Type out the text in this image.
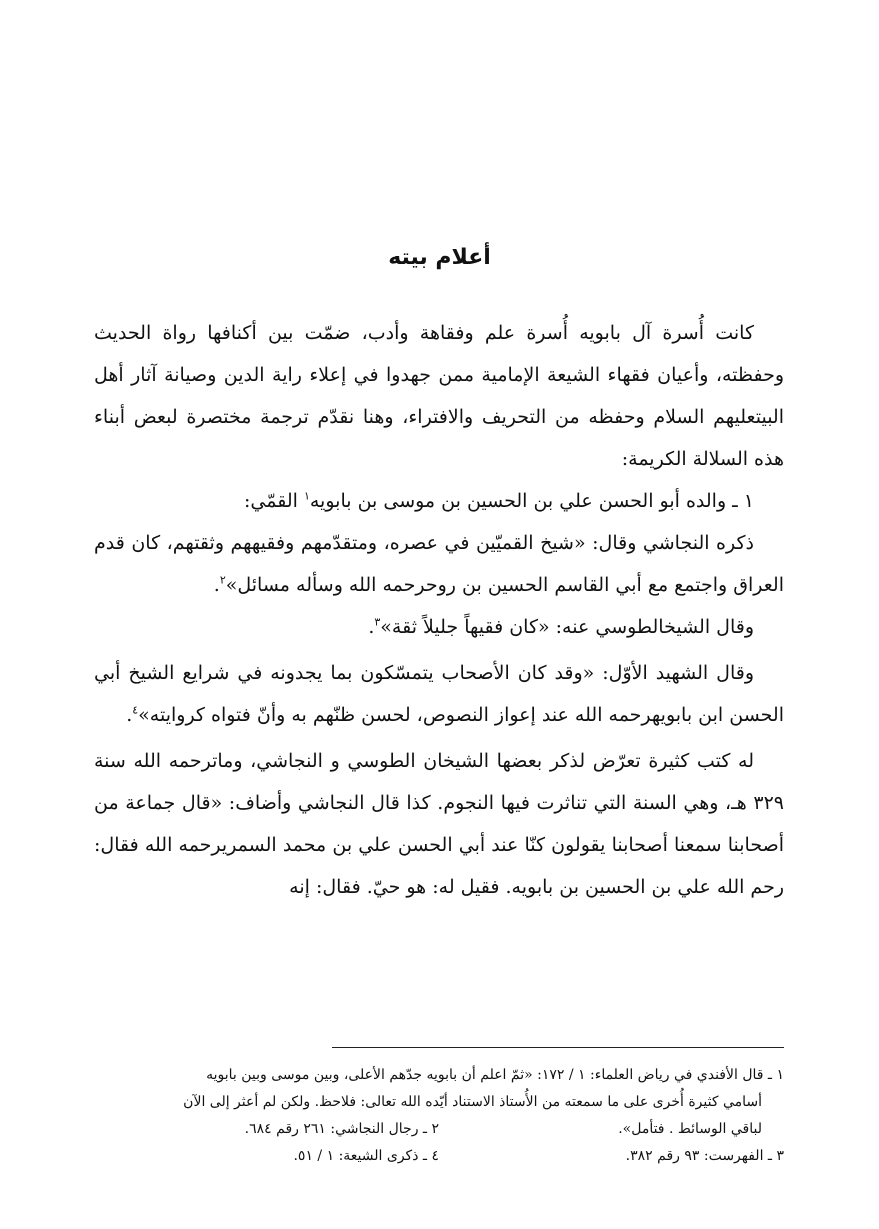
أعلام بيته

كانت أُسرة آل بابويه أُسرة علم وفقاهة وأدب، ضمّت بين أكنافها رواة الحديث وحفظته، وأعيان فقهاء الشيعة الإمامية ممن جهدوا في إعلاء راية الدين وصيانة آثار أهل البيتعليهم السلام وحفظه من التحريف والافتراء، وهنا نقدّم ترجمة مختصرة لبعض أبناء هذه السلالة الكريمة:

١ ـ والده أبو الحسن علي بن الحسين بن موسى بن بابويه$^١$ القمّي:

ذكره النجاشي وقال: «شيخ القميّين في عصره، ومتقدّمهم وفقيههم وثقتهم، كان قدم العراق واجتمع مع أبي القاسم الحسين بن روحرحمه الله وسأله مسائل»$^٢$.

وقال الشيخالطوسي عنه: «كان فقيهاً جليلاً ثقة»$^٣$.

وقال الشهيد الأوّل: «وقد كان الأصحاب يتمسّكون بما يجدونه في شرايع الشيخ أبي الحسن ابن بابويهرحمه الله عند إعواز النصوص، لحسن ظنّهم به وأنّ فتواه كروايته»$^٤$.

له كتب كثيرة تعرّض لذكر بعضها الشيخان الطوسي و النجاشي، وماترحمه الله سنة ٣٢٩ هـ، وهي السنة التي تناثرت فيها النجوم. كذا قال النجاشي وأضاف: «قال جماعة من أصحابنا سمعنا أصحابنا يقولون كنّا عند أبي الحسن علي بن محمد السمريرحمه الله فقال: رحم الله علي بن الحسين بن بابويه. فقيل له: هو حيّ. فقال: إنه

١ ـ قال الأفندي في رياض العلماء: ١ / ١٧٢: «ثمّ اعلم أن بابويه جدّهم الأعلى، وبين موسى وبين بابويه

أسامي كثيرة أُخرى على ما سمعته من الأُستاذ الاستناد أيّده الله تعالى: فلاحظ. ولكن لم أعثر إلى الآن

لباقي الوسائط . فتأمل».
٢ ـ رجال النجاشي: ٢٦١ رقم ٦٨٤.
٣ ـ الفهرست: ٩٣ رقم ٣٨٢.
٤ ـ ذكرى الشيعة: ١ / ٥١.
